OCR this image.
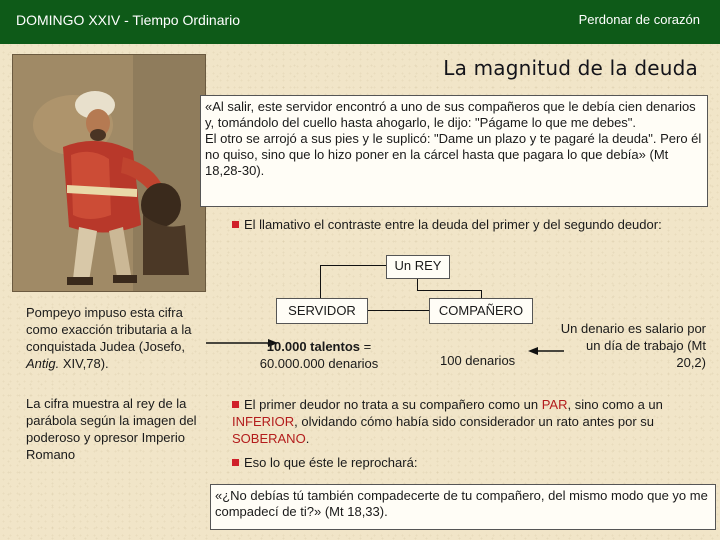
DOMINGO XXIV - Tiempo Ordinario	Perdonar de corazón
La magnitud de la deuda
«Al salir, este servidor encontró a uno de sus compañeros que le debía cien denarios y, tomándolo del cuello hasta ahogarlo, le dijo: "Págame lo que me debes".
El otro se arrojó a sus pies y le suplicó: "Dame un plazo y te pagaré la deuda". Pero él no quiso, sino que lo hizo poner en la cárcel hasta que pagara lo que debía» (Mt 18,28-30).
El llamativo el contraste entre la deuda del primer y del segundo deudor:
Un REY
SERVIDOR	COMPAÑERO
Pompeyo impuso esta cifra como exacción tributaria a la conquistada Judea (Josefo, Antig. XIV,78).
La cifra muestra al rey de la parábola según la imagen del poderoso y opresor Imperio Romano
10.000 talentos =
60.000.000 denarios	100 denarios
Un denario es salario por un día de trabajo (Mt 20,2)
El primer deudor no trata a su compañero como un PAR, sino como a un INFERIOR, olvidando cómo había sido considerador un rato antes por su SOBERANO.
Eso lo que éste le reprochará:
«¿No debías tú también compadecerte de tu compañero, del mismo modo que yo me compadecí de ti?» (Mt 18,33).
